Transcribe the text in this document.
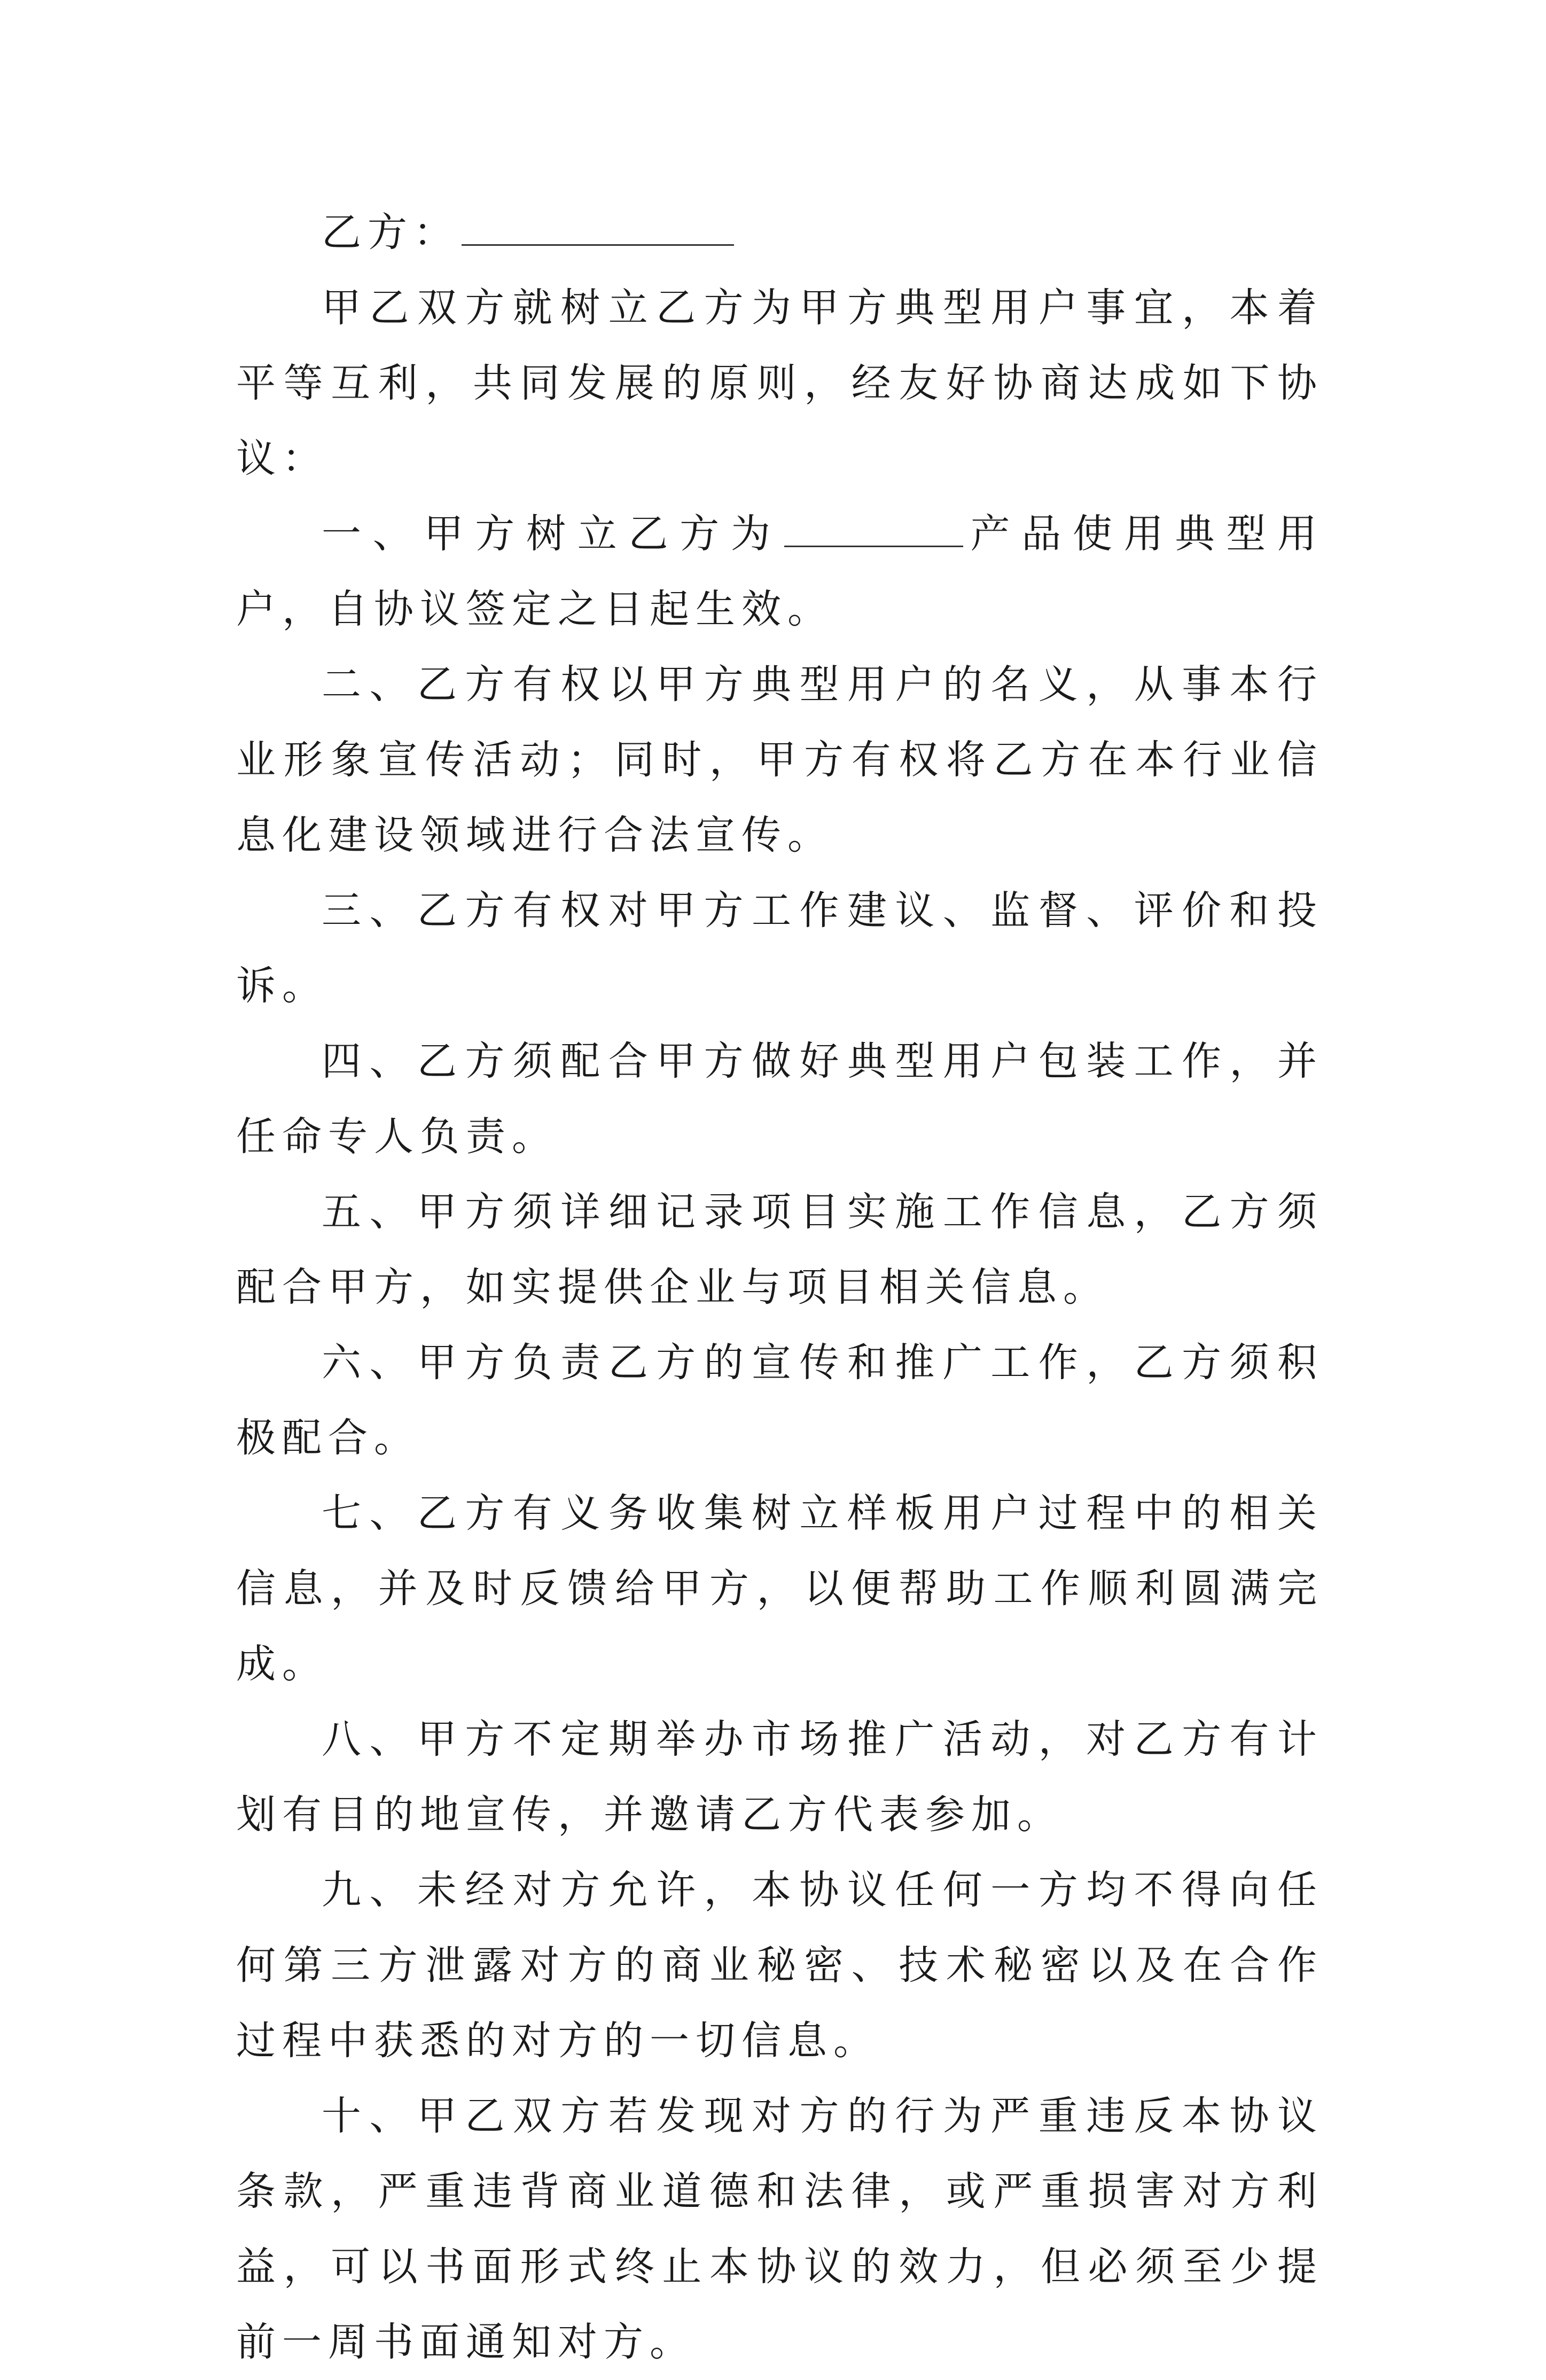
乙方：

甲乙双方就树立乙方为甲方典型用户事宜，本着平等互利，共同发展的原则，经友好协商达成如下协议：

一、甲方树立乙方为	产品使用典型用户，自协议签定之日起生效。

二、乙方有权以甲方典型用户的名义，从事本行业形象宣传活动；同时，甲方有权将乙方在本行业信息化建设领域进行合法宣传。

三、乙方有权对甲方工作建议、监督、评价和投诉。

四、乙方须配合甲方做好典型用户包装工作，并任命专人负责。

五、甲方须详细记录项目实施工作信息，乙方须配合甲方，如实提供企业与项目相关信息。

六、甲方负责乙方的宣传和推广工作，乙方须积极配合。

七、乙方有义务收集树立样板用户过程中的相关信息，并及时反馈给甲方，以便帮助工作顺利圆满完成。

八、甲方不定期举办市场推广活动，对乙方有计划有目的地宣传，并邀请乙方代表参加。

九、未经对方允许，本协议任何一方均不得向任何第三方泄露对方的商业秘密、技术秘密以及在合作过程中获悉的对方的一切信息。

十、甲乙双方若发现对方的行为严重违反本协议条款，严重违背商业道德和法律，或严重损害对方利益，可以书面形式终止本协议的效力，但必须至少提前一周书面通知对方。
